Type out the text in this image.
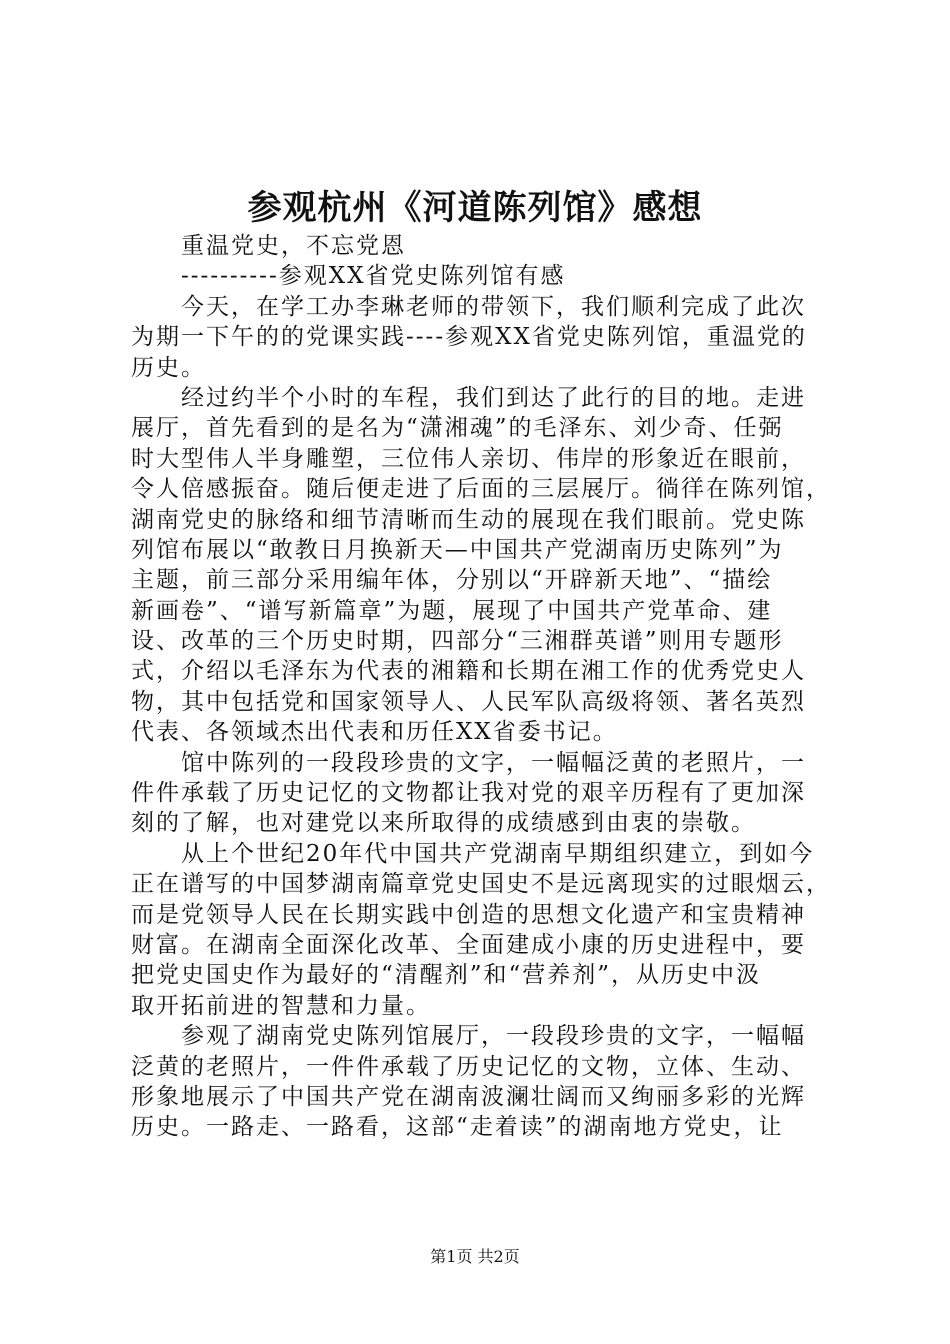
参观杭州《河道陈列馆》感想
重温党史，不忘党恩
----------参观XX省党史陈列馆有感
今天，在学工办李琳老师的带领下，我们顺利完成了此次
为期一下午的的党课实践----参观XX省党史陈列馆，重温党的
历史。
经过约半个小时的车程，我们到达了此行的目的地。走进
展厅，首先看到的是名为“潇湘魂”的毛泽东、刘少奇、任弼
时大型伟人半身雕塑，三位伟人亲切、伟岸的形象近在眼前，
令人倍感振奋。随后便走进了后面的三层展厅。徜徉在陈列馆，
湖南党史的脉络和细节清晰而生动的展现在我们眼前。党史陈
列馆布展以“敢教日月换新天—中国共产党湖南历史陈列”为
主题，前三部分采用编年体，分别以“开辟新天地”、“描绘
新画卷”、“谱写新篇章”为题，展现了中国共产党革命、建
设、改革的三个历史时期，四部分“三湘群英谱”则用专题形
式，介绍以毛泽东为代表的湘籍和长期在湘工作的优秀党史人
物，其中包括党和国家领导人、人民军队高级将领、著名英烈
代表、各领域杰出代表和历任XX省委书记。
馆中陈列的一段段珍贵的文字，一幅幅泛黄的老照片，一
件件承载了历史记忆的文物都让我对党的艰辛历程有了更加深
刻的了解，也对建党以来所取得的成绩感到由衷的崇敬。
从上个世纪20年代中国共产党湖南早期组织建立，到如今
正在谱写的中国梦湖南篇章党史国史不是远离现实的过眼烟云，
而是党领导人民在长期实践中创造的思想文化遗产和宝贵精神
财富。在湖南全面深化改革、全面建成小康的历史进程中，要
把党史国史作为最好的“清醒剂”和“营养剂”，从历史中汲
取开拓前进的智慧和力量。
参观了湖南党史陈列馆展厅，一段段珍贵的文字，一幅幅
泛黄的老照片，一件件承载了历史记忆的文物，立体、生动、
形象地展示了中国共产党在湖南波澜壮阔而又绚丽多彩的光辉
历史。一路走、一路看，这部“走着读”的湖南地方党史，让
第1页 共2页
